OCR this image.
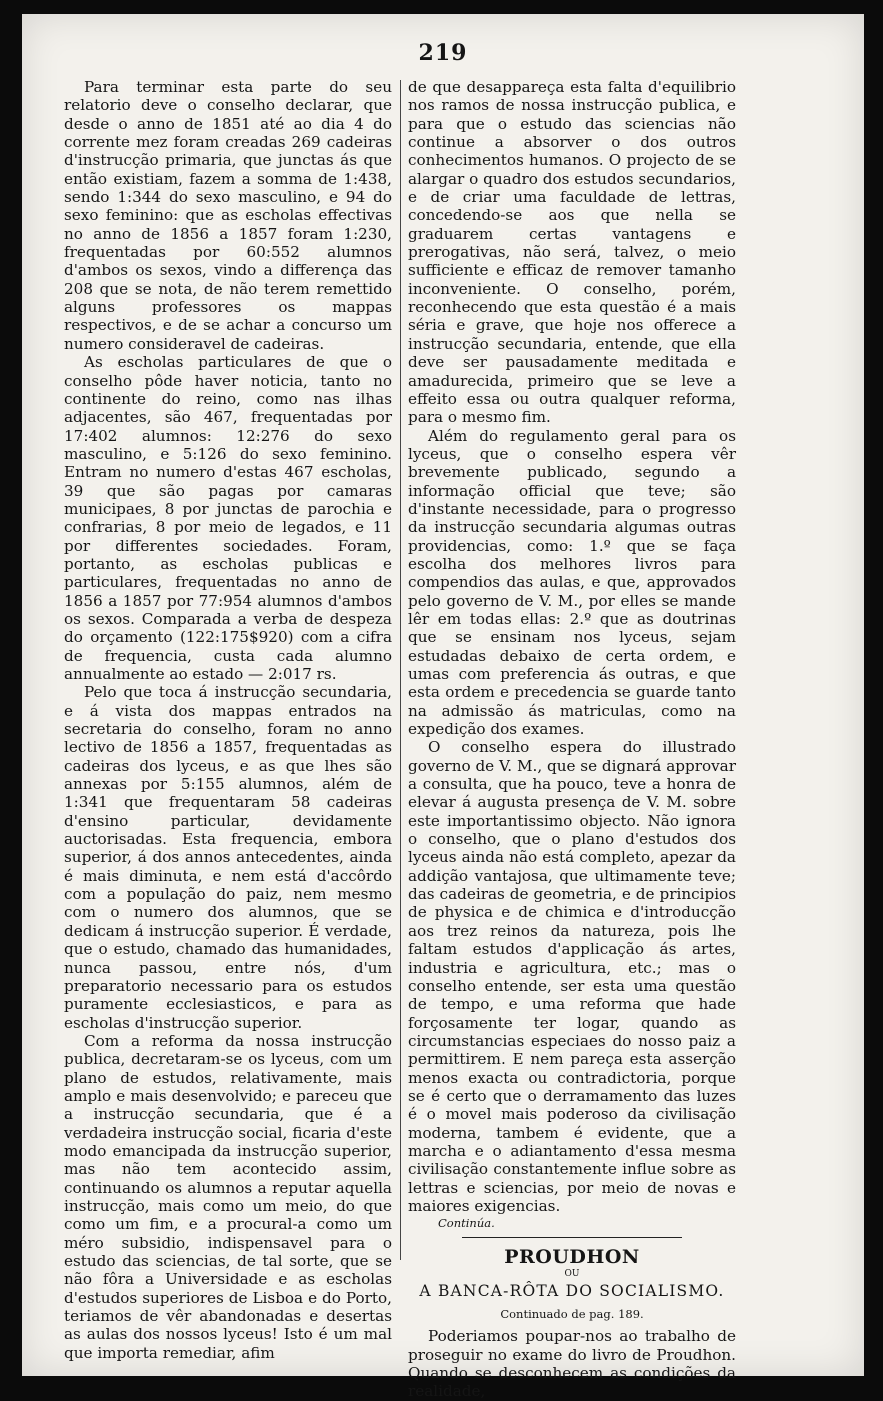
219

Para terminar esta parte do seu relatorio deve o conselho declarar, que desde o anno de 1851 até ao dia 4 do corrente mez foram creadas 269 cadeiras d'instrucção primaria, que junctas ás que então existiam, fazem a somma de 1:438, sendo 1:344 do sexo masculino, e 94 do sexo feminino: que as escholas effectivas no anno de 1856 a 1857 foram 1:230, frequentadas por 60:552 alumnos d'ambos os sexos, vindo a differença das 208 que se nota, de não terem remettido alguns professores os mappas respectivos, e de se achar a concurso um numero consideravel de cadeiras.

As escholas particulares de que o conselho pôde haver noticia, tanto no continente do reino, como nas ilhas adjacentes, são 467, frequentadas por 17:402 alumnos: 12:276 do sexo masculino, e 5:126 do sexo feminino. Entram no numero d'estas 467 escholas, 39 que são pagas por camaras municipaes, 8 por junctas de parochia e confrarias, 8 por meio de legados, e 11 por differentes sociedades. Foram, portanto, as escholas publicas e particulares, frequentadas no anno de 1856 a 1857 por 77:954 alumnos d'ambos os sexos. Comparada a verba de despeza do orçamento (122:175$920) com a cifra de frequencia, custa cada alumno annualmente ao estado — 2:017 rs.

Pelo que toca á instrucção secundaria, e á vista dos mappas entrados na secretaria do conselho, foram no anno lectivo de 1856 a 1857, frequentadas as cadeiras dos lyceus, e as que lhes são annexas por 5:155 alumnos, além de 1:341 que frequentaram 58 cadeiras d'ensino particular, devidamente auctorisadas. Esta frequencia, embora superior, á dos annos antecedentes, ainda é mais diminuta, e nem está d'accôrdo com a população do paiz, nem mesmo com o numero dos alumnos, que se dedicam á instrucção superior. É verdade, que o estudo, chamado das humanidades, nunca passou, entre nós, d'um preparatorio necessario para os estudos puramente ecclesiasticos, e para as escholas d'instrucção superior.

Com a reforma da nossa instrucção publica, decretaram-se os lyceus, com um plano de estudos, relativamente, mais amplo e mais desenvolvido; e pareceu que a instrucção secundaria, que é a verdadeira instrucção social, ficaria d'este modo emancipada da instrucção superior, mas não tem acontecido assim, continuando os alumnos a reputar aquella instrucção, mais como um meio, do que como um fim, e a procural-a como um méro subsidio, indispensavel para o estudo das sciencias, de tal sorte, que se não fôra a Universidade e as escholas d'estudos superiores de Lisboa e do Porto, teriamos de vêr abandonadas e desertas as aulas dos nossos lyceus! Isto é um mal que importa remediar, afim

de que desappareça esta falta d'equilibrio nos ramos de nossa instrucção publica, e para que o estudo das sciencias não continue a absorver o dos outros conhecimentos humanos. O projecto de se alargar o quadro dos estudos secundarios, e de criar uma faculdade de lettras, concedendo-se aos que nella se graduarem certas vantagens e prerogativas, não será, talvez, o meio sufficiente e efficaz de remover tamanho inconveniente. O conselho, porém, reconhecendo que esta questão é a mais séria e grave, que hoje nos offerece a instrucção secundaria, entende, que ella deve ser pausadamente meditada e amadurecida, primeiro que se leve a effeito essa ou outra qualquer reforma, para o mesmo fim.

Além do regulamento geral para os lyceus, que o conselho espera vêr brevemente publicado, segundo a informação official que teve; são d'instante necessidade, para o progresso da instrucção secundaria algumas outras providencias, como: 1.º que se faça escolha dos melhores livros para compendios das aulas, e que, approvados pelo governo de V. M., por elles se mande lêr em todas ellas: 2.º que as doutrinas que se ensinam nos lyceus, sejam estudadas debaixo de certa ordem, e umas com preferencia ás outras, e que esta ordem e precedencia se guarde tanto na admissão ás matriculas, como na expedição dos exames.

O conselho espera do illustrado governo de V. M., que se dignará approvar a consulta, que ha pouco, teve a honra de elevar á augusta presença de V. M. sobre este importantissimo objecto. Não ignora o conselho, que o plano d'estudos dos lyceus ainda não está completo, apezar da addição vantajosa, que ultimamente teve; das cadeiras de geometria, e de principios de physica e de chimica e d'introducção aos trez reinos da natureza, pois lhe faltam estudos d'applicação ás artes, industria e agricultura, etc.; mas o conselho entende, ser esta uma questão de tempo, e uma reforma que hade forçosamente ter logar, quando as circumstancias especiaes do nosso paiz a permittirem. E nem pareça esta asserção menos exacta ou contradictoria, porque se é certo que o derramamento das luzes é o movel mais poderoso da civilisação moderna, tambem é evidente, que a marcha e o adiantamento d'essa mesma civilisação constantemente influe sobre as lettras e sciencias, por meio de novas e maiores exigencias.

Continúa.
PROUDHON
OU
A BANCA-RÔTA DO SOCIALISMO.
Continuado de pag. 189.

Poderiamos poupar-nos ao trabalho de proseguir no exame do livro de Proudhon. Quando se desconhecem as condições da realidade,
